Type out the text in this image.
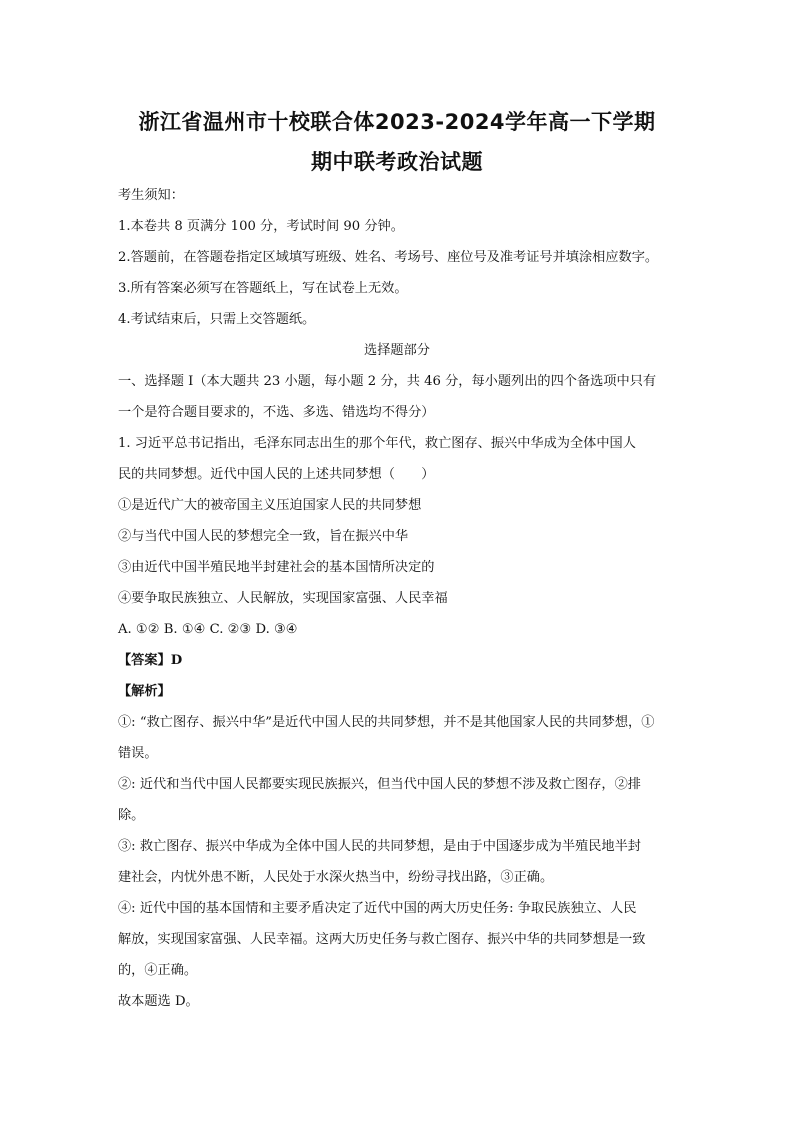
浙江省温州市十校联合体2023-2024学年高一下学期
期中联考政治试题
考生须知：
1.本卷共 8 页满分 100 分，考试时间 90 分钟。
2.答题前，在答题卷指定区域填写班级、姓名、考场号、座位号及准考证号并填涂相应数字。
3.所有答案必须写在答题纸上，写在试卷上无效。
4.考试结束后，只需上交答题纸。
选择题部分
一、选择题 I（本大题共 23 小题，每小题 2 分，共 46 分，每小题列出的四个备选项中只有
一个是符合题目要求的，不选、多选、错选均不得分）
1. 习近平总书记指出，毛泽东同志出生的那个年代，救亡图存、振兴中华成为全体中国人
民的共同梦想。近代中国人民的上述共同梦想（　　）
①是近代广大的被帝国主义压迫国家人民的共同梦想
②与当代中国人民的梦想完全一致，旨在振兴中华
③由近代中国半殖民地半封建社会的基本国情所决定的
④要争取民族独立、人民解放，实现国家富强、人民幸福
A. ①② B. ①④ C. ②③ D. ③④
【答案】D
【解析】
①: “救亡图存、振兴中华”是近代中国人民的共同梦想，并不是其他国家人民的共同梦想，①
错误。
②: 近代和当代中国人民都要实现民族振兴，但当代中国人民的梦想不涉及救亡图存，②排
除。
③: 救亡图存、振兴中华成为全体中国人民的共同梦想，是由于中国逐步成为半殖民地半封
建社会，内忧外患不断，人民处于水深火热当中，纷纷寻找出路，③正确。
④: 近代中国的基本国情和主要矛盾决定了近代中国的两大历史任务: 争取民族独立、人民
解放，实现国家富强、人民幸福。这两大历史任务与救亡图存、振兴中华的共同梦想是一致
的，④正确。
故本题选 D。
